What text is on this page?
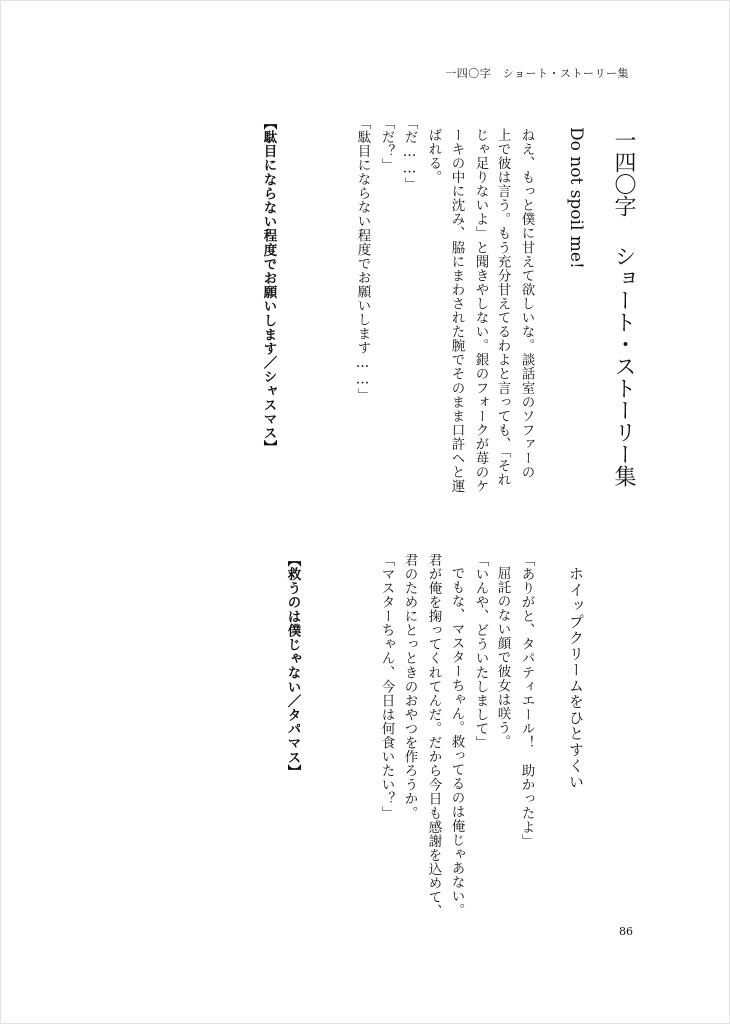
一四〇字　ショート・ストーリー集
一四〇字ショート・ストーリー集
Do not spoil me!
ねえ、もっと僕に甘えて欲しいな。談話室のソファーの
上で彼は言う。もう充分甘えてるわよと言っても、「それ
じゃ足りないよ」と聞きやしない。銀のフォークが苺のケ
ーキの中に沈み、脇にまわされた腕でそのまま口許へと運
ばれる。
「だ……」
「だ？」
「駄目にならない程度でお願いします……」
【駄目にならない程度でお願いします／シャスマス】
ホイップクリームをひとすくい
「ありがと、タパティエール！　助かったよ」
屈託のない顔で彼女は咲う。
「いんや、どういたしまして」
でもな、マスターちゃん。救ってるのは俺じゃあない。
君が俺を掬ってくれてんだ。だから今日も感謝を込めて、
君のためにとっときのおやつを作ろうか。
「マスターちゃん、今日は何食いたい？」
【救うのは僕じゃない／タパマス】
86
